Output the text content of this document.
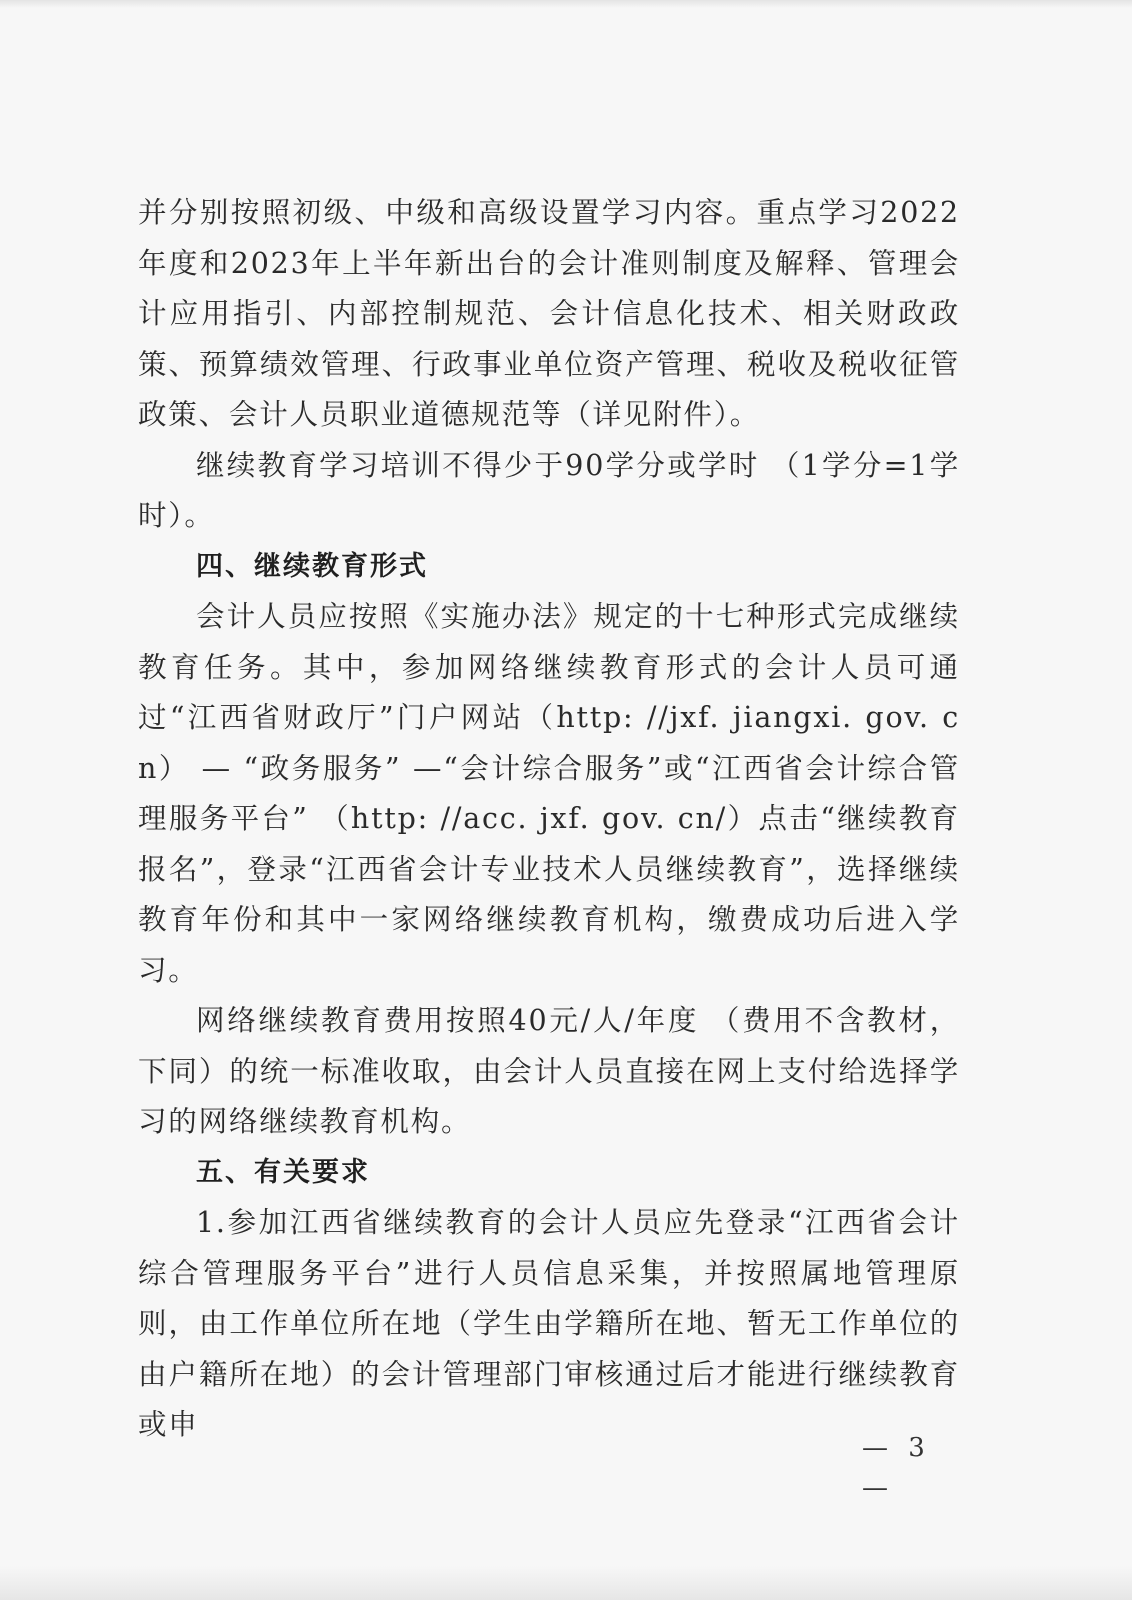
并分别按照初级、中级和高级设置学习内容。重点学习2022年度和2023年上半年新出台的会计准则制度及解释、管理会计应用指引、内部控制规范、会计信息化技术、相关财政政策、预算绩效管理、行政事业单位资产管理、税收及税收征管政策、会计人员职业道德规范等（详见附件）。

继续教育学习培训不得少于90学分或学时 （1学分=1学时）。

四、继续教育形式

会计人员应按照《实施办法》规定的十七种形式完成继续教育任务。其中，参加网络继续教育形式的会计人员可通过“江西省财政厅”门户网站（http: //jxf. jiangxi. gov. cn） — “政务服务” —“会计综合服务”或“江西省会计综合管理服务平台” （http: //acc. jxf. gov. cn/）点击“继续教育报名”，登录“江西省会计专业技术人员继续教育”，选择继续教育年份和其中一家网络继续教育机构，缴费成功后进入学习。

网络继续教育费用按照40元/人/年度 （费用不含教材，下同）的统一标准收取，由会计人员直接在网上支付给选择学习的网络继续教育机构。

五、有关要求

1.参加江西省继续教育的会计人员应先登录“江西省会计综合管理服务平台”进行人员信息采集，并按照属地管理原则，由工作单位所在地（学生由学籍所在地、暂无工作单位的由户籍所在地）的会计管理部门审核通过后才能进行继续教育或申

— 3 —
